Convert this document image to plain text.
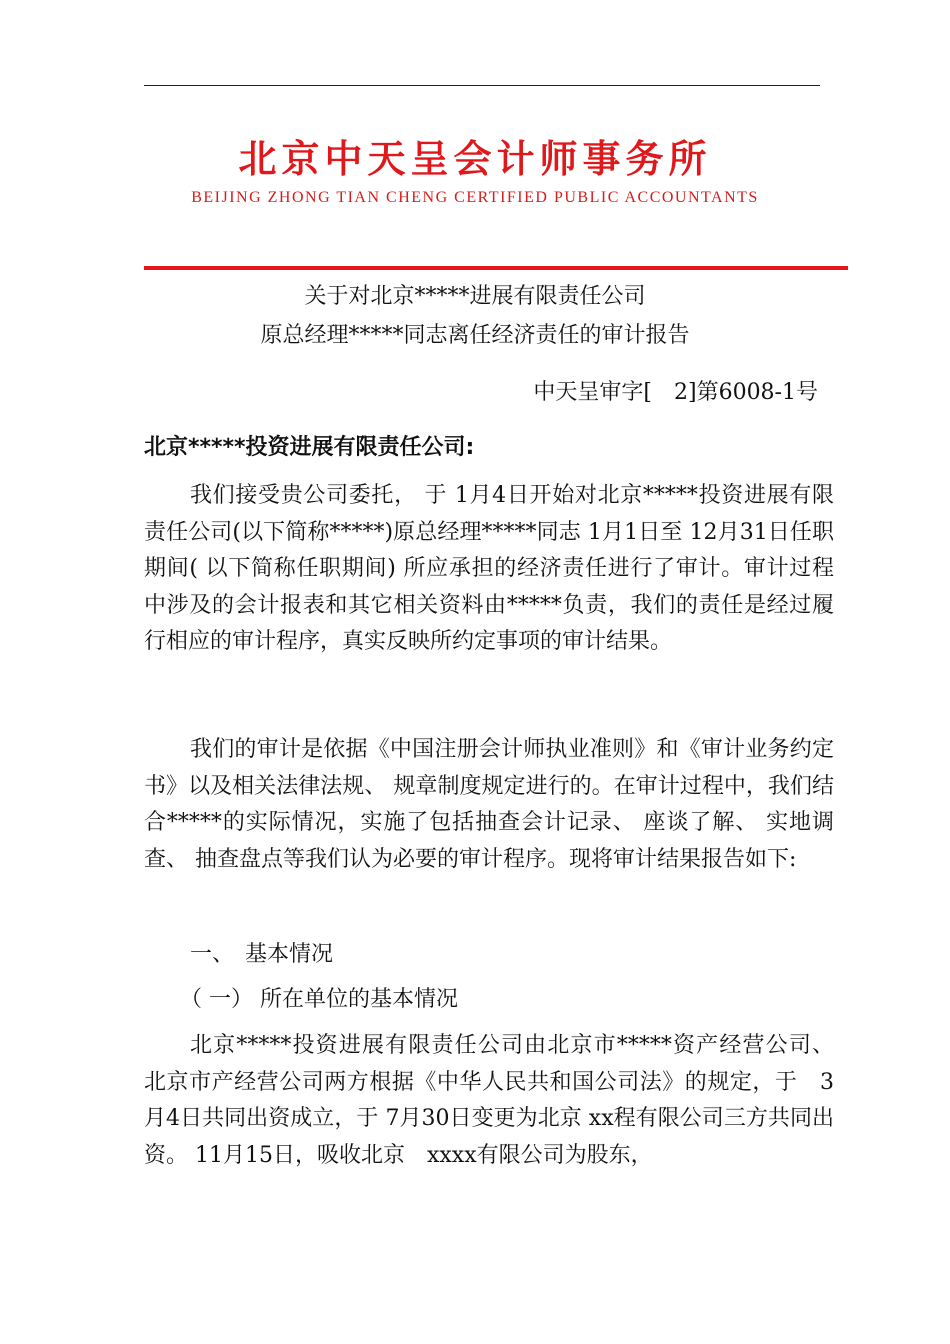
北京中天呈会计师事务所
BEIJING ZHONG TIAN CHENG CERTIFIED PUBLIC ACCOUNTANTS
关于对北京*****进展有限责任公司
原总经理*****同志离任经济责任的审计报告
中天呈审字[　2]第6008-1号
北京*****投资进展有限责任公司:

我们接受贵公司委托， 于 1月4日开始对北京*****投资进展有限责任公司(以下简称*****)原总经理*****同志 1月1日至 12月31日任职期间( 以下简称任职期间) 所应承担的经济责任进行了审计。审计过程中涉及的会计报表和其它相关资料由*****负责，我们的责任是经过履行相应的审计程序，真实反映所约定事项的审计结果。

我们的审计是依据《中国注册会计师执业准则》和《审计业务约定书》以及相关法律法规、 规章制度规定进行的。在审计过程中，我们结合*****的实际情况，实施了包括抽查会计记录、 座谈了解、 实地调查、 抽查盘点等我们认为必要的审计程序。现将审计结果报告如下:

一、　基本情况
（ 一） 所在单位的基本情况

北京*****投资进展有限责任公司由北京市*****资产经营公司、 北京市产经营公司两方根据《中华人民共和国公司法》的规定，于　3月4日共同出资成立，于 7月30日变更为北京 xx程有限公司三方共同出资。 11月15日，吸收北京　xxxx有限公司为股东，
